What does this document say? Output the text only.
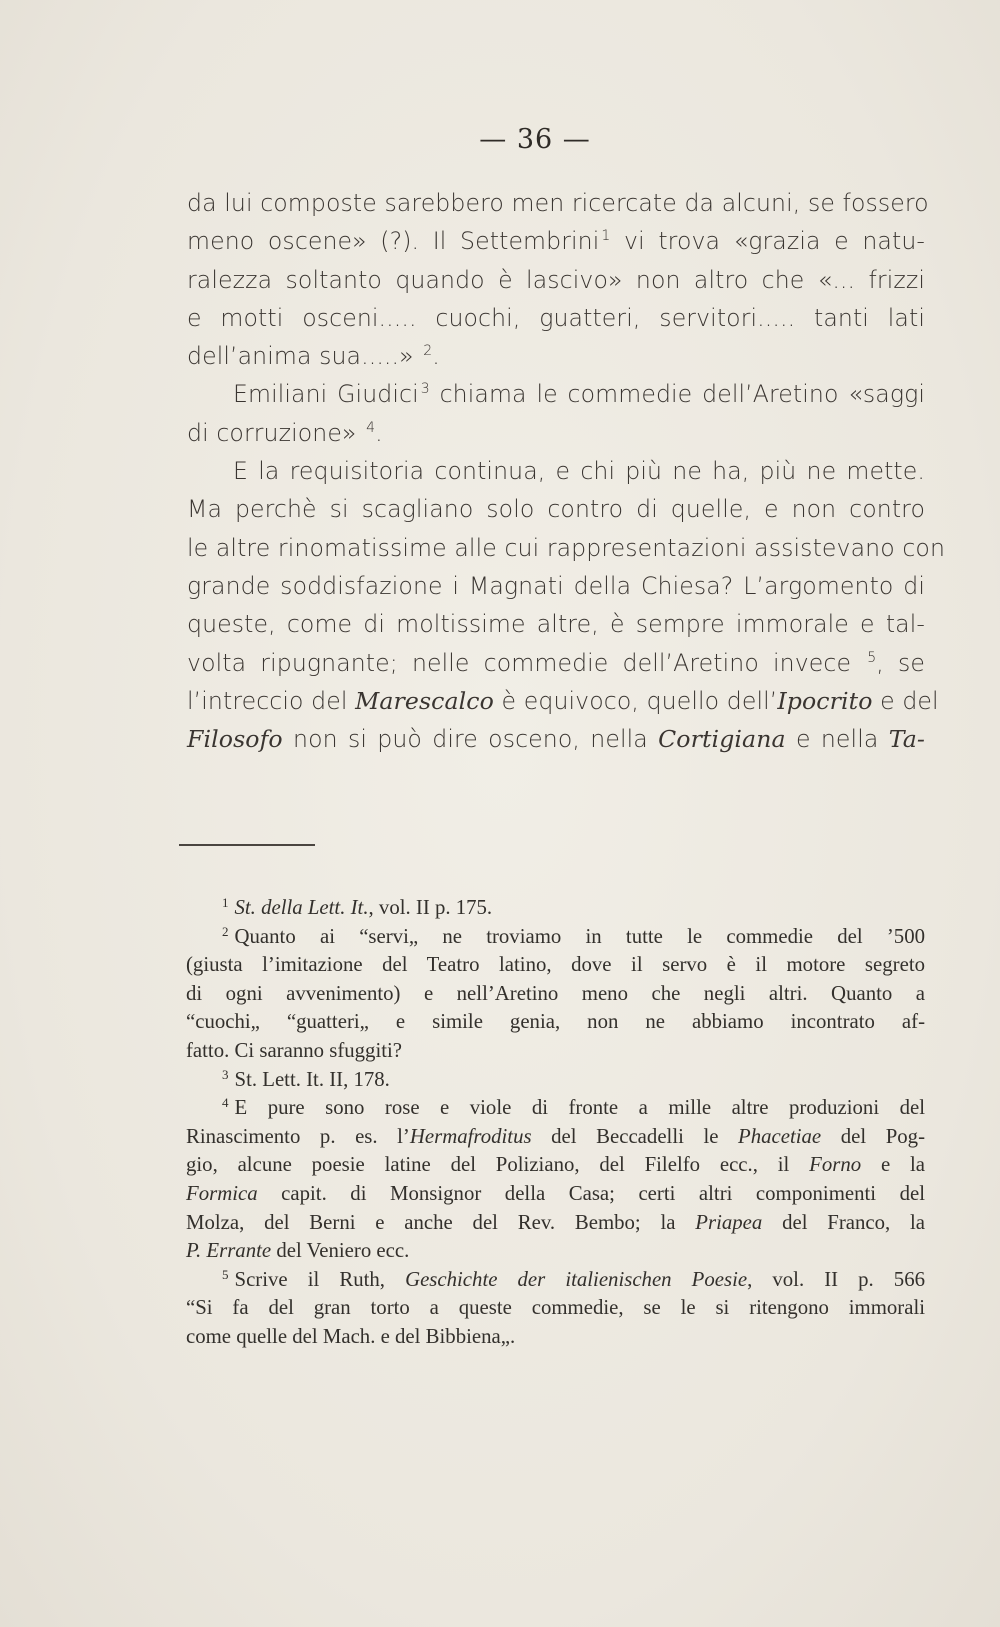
— 36 —
da lui composte sarebbero men ricercate da alcuni, se fossero
meno oscene» (?). Il Settembrini $^1$ vi trova «grazia e natu-
ralezza soltanto quando è lascivo» non altro che «... frizzi
e motti osceni..... cuochi, guatteri, servitori..... tanti lati
dell’anima sua.....» $^2$.
Emiliani Giudici $^3$ chiama le commedie dell’Aretino «saggi
di corruzione» $^4$.
E la requisitoria continua, e chi più ne ha, più ne mette.
Ma perchè si scagliano solo contro di quelle, e non contro
le altre rinomatissime alle cui rappresentazioni assistevano con
grande soddisfazione i Magnati della Chiesa? L’argomento di
queste, come di moltissime altre, è sempre immorale e tal-
volta ripugnante; nelle commedie dell’Aretino invece $^5$, se
l’intreccio del Marescalco è equivoco, quello dell’Ipocrito e del
Filosofo non si può dire osceno, nella Cortigiana e nella Ta-
$^1$ St. della Lett. It., vol. II p. 175.
$^2$ Quanto ai “servi„ ne troviamo in tutte le commedie del ’500
(giusta l’imitazione del Teatro latino, dove il servo è il motore segreto
di ogni avvenimento) e nell’Aretino meno che negli altri. Quanto a
“cuochi„ “guatteri„ e simile genia, non ne abbiamo incontrato af-
fatto. Ci saranno sfuggiti?
$^3$ St. Lett. It. II, 178.
$^4$ E pure sono rose e viole di fronte a mille altre produzioni del
Rinascimento p. es. l’Hermafroditus del Beccadelli le Phacetiae del Pog-
gio, alcune poesie latine del Poliziano, del Filelfo ecc., il Forno e la
Formica capit. di Monsignor della Casa; certi altri componimenti del
Molza, del Berni e anche del Rev. Bembo; la Priapea del Franco, la
P. Errante del Veniero ecc.
$^5$ Scrive il Ruth, Geschichte der italienischen Poesie, vol. II p. 566
“Si fa del gran torto a queste commedie, se le si ritengono immorali
come quelle del Mach. e del Bibbiena„.
